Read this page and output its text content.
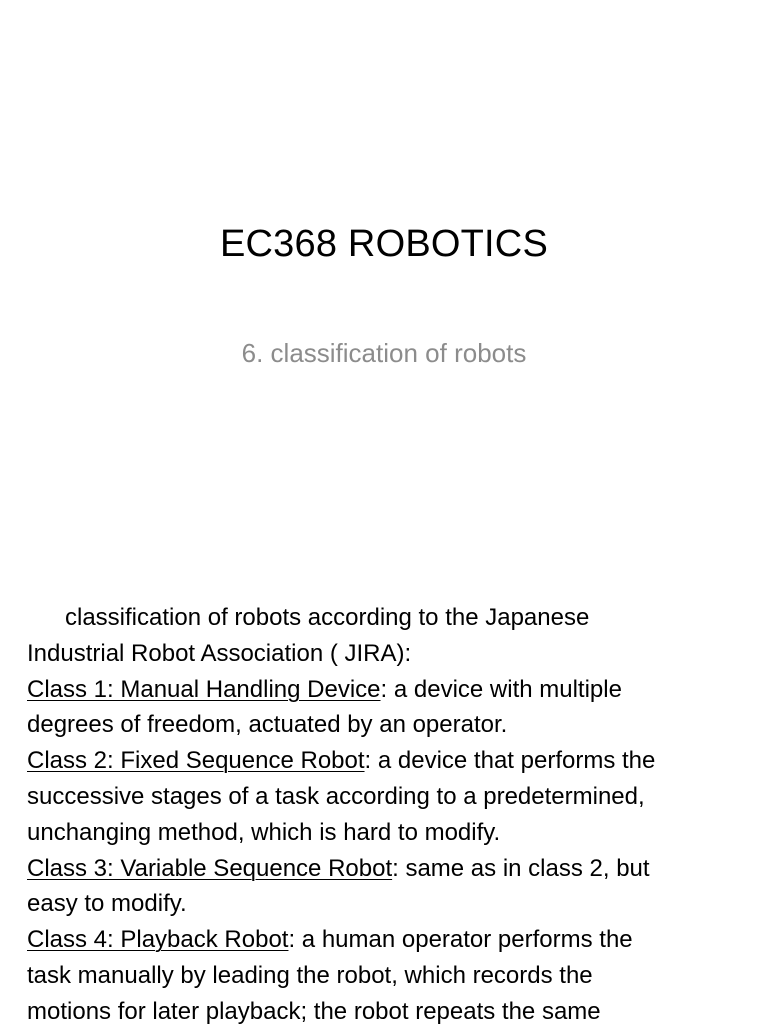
EC368 ROBOTICS

6. classification of robots

classification of robots according to the Japanese
Industrial Robot Association ( JIRA):
Class 1: Manual Handling Device: a device with multiple
degrees of freedom, actuated by an operator.
Class 2: Fixed Sequence Robot: a device that performs the
successive stages of a task according to a predetermined,
unchanging method, which is hard to modify.
Class 3: Variable Sequence Robot: same as in class 2, but
easy to modify.
Class 4: Playback Robot: a human operator performs the
task manually by leading the robot, which records the
motions for later playback; the robot repeats the same
